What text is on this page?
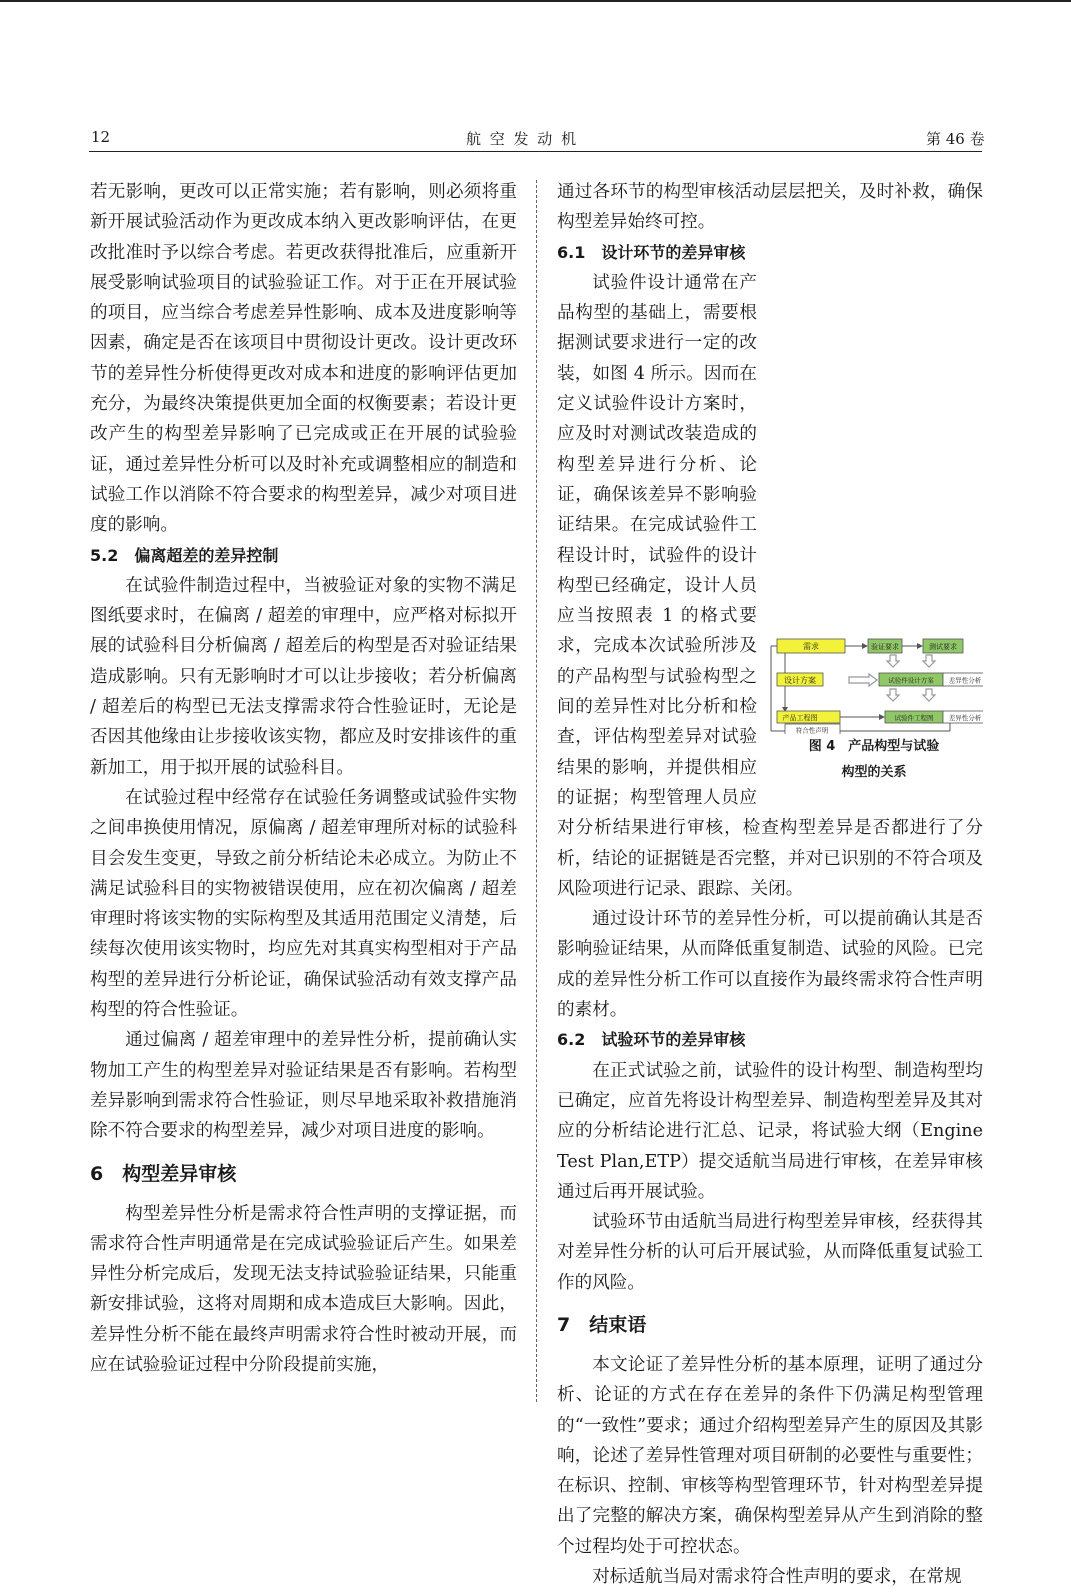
12	航 空 发 动 机	第 46 卷

若无影响，更改可以正常实施；若有影响，则必须将重新开展试验活动作为更改成本纳入更改影响评估，在更改批准时予以综合考虑。若更改获得批准后，应重新开展受影响试验项目的试验验证工作。对于正在开展试验的项目，应当综合考虑差异性影响、成本及进度影响等因素，确定是否在该项目中贯彻设计更改。设计更改环节的差异性分析使得更改对成本和进度的影响评估更加充分，为最终决策提供更加全面的权衡要素；若设计更改产生的构型差异影响了已完成或正在开展的试验验证，通过差异性分析可以及时补充或调整相应的制造和试验工作以消除不符合要求的构型差异，减少对项目进度的影响。

5.2　偏离超差的差异控制

在试验件制造过程中，当被验证对象的实物不满足图纸要求时，在偏离 / 超差的审理中，应严格对标拟开展的试验科目分析偏离 / 超差后的构型是否对验证结果造成影响。只有无影响时才可以让步接收；若分析偏离 / 超差后的构型已无法支撑需求符合性验证时，无论是否因其他缘由让步接收该实物，都应及时安排该件的重新加工，用于拟开展的试验科目。

在试验过程中经常存在试验任务调整或试验件实物之间串换使用情况，原偏离 / 超差审理所对标的试验科目会发生变更，导致之前分析结论未必成立。为防止不满足试验科目的实物被错误使用，应在初次偏离 / 超差审理时将该实物的实际构型及其适用范围定义清楚，后续每次使用该实物时，均应先对其真实构型相对于产品构型的差异进行分析论证，确保试验活动有效支撑产品构型的符合性验证。

通过偏离 / 超差审理中的差异性分析，提前确认实物加工产生的构型差异对验证结果是否有影响。若构型差异影响到需求符合性验证，则尽早地采取补救措施消除不符合要求的构型差异，减少对项目进度的影响。

6　构型差异审核

构型差异性分析是需求符合性声明的支撑证据，而需求符合性声明通常是在完成试验验证后产生。如果差异性分析完成后，发现无法支持试验验证结果，只能重新安排试验，这将对周期和成本造成巨大影响。因此，差异性分析不能在最终声明需求符合性时被动开展，而应在试验验证过程中分阶段提前实施，

通过各环节的构型审核活动层层把关，及时补救，确保构型差异始终可控。

6.1　设计环节的差异审核

需求	验证要求	测试要求
设计方案	试验件设计方案 差异性分析
产品工程图	试验件工程图 差异性分析
符合性声明
图 4　产品构型与试验
构型的关系
试验件设计通常在产品构型的基础上，需要根据测试要求进行一定的改装，如图 4 所示。因而在定义试验件设计方案时，应及时对测试改装造成的构型差异进行分析、论证，确保该差异不影响验证结果。在完成试验件工程设计时，试验件的设计构型已经确定，设计人员应当按照表 1 的格式要求，完成本次试验所涉及的产品构型与试验构型之间的差异性对比分析和检查，评估构型差异对试验结果的影响，并提供相应的证据；构型管理人员应对分析结果进行审核，检查构型差异是否都进行了分析，结论的证据链是否完整，并对已识别的不符合项及风险项进行记录、跟踪、关闭。

通过设计环节的差异性分析，可以提前确认其是否影响验证结果，从而降低重复制造、试验的风险。已完成的差异性分析工作可以直接作为最终需求符合性声明的素材。

6.2　试验环节的差异审核

在正式试验之前，试验件的设计构型、制造构型均已确定，应首先将设计构型差异、制造构型差异及其对应的分析结论进行汇总、记录，将试验大纲（Engine Test Plan,ETP）提交适航当局进行审核，在差异审核通过后再开展试验。

试验环节由适航当局进行构型差异审核，经获得其对差异性分析的认可后开展试验，从而降低重复试验工作的风险。

7　结束语

本文论证了差异性分析的基本原理，证明了通过分析、论证的方式在存在差异的条件下仍满足构型管理的“一致性”要求；通过介绍构型差异产生的原因及其影响，论述了差异性管理对项目研制的必要性与重要性；在标识、控制、审核等构型管理环节，针对构型差异提出了完整的解决方案，确保构型差异从产生到消除的整个过程均处于可控状态。

对标适航当局对需求符合性声明的要求，在常规
